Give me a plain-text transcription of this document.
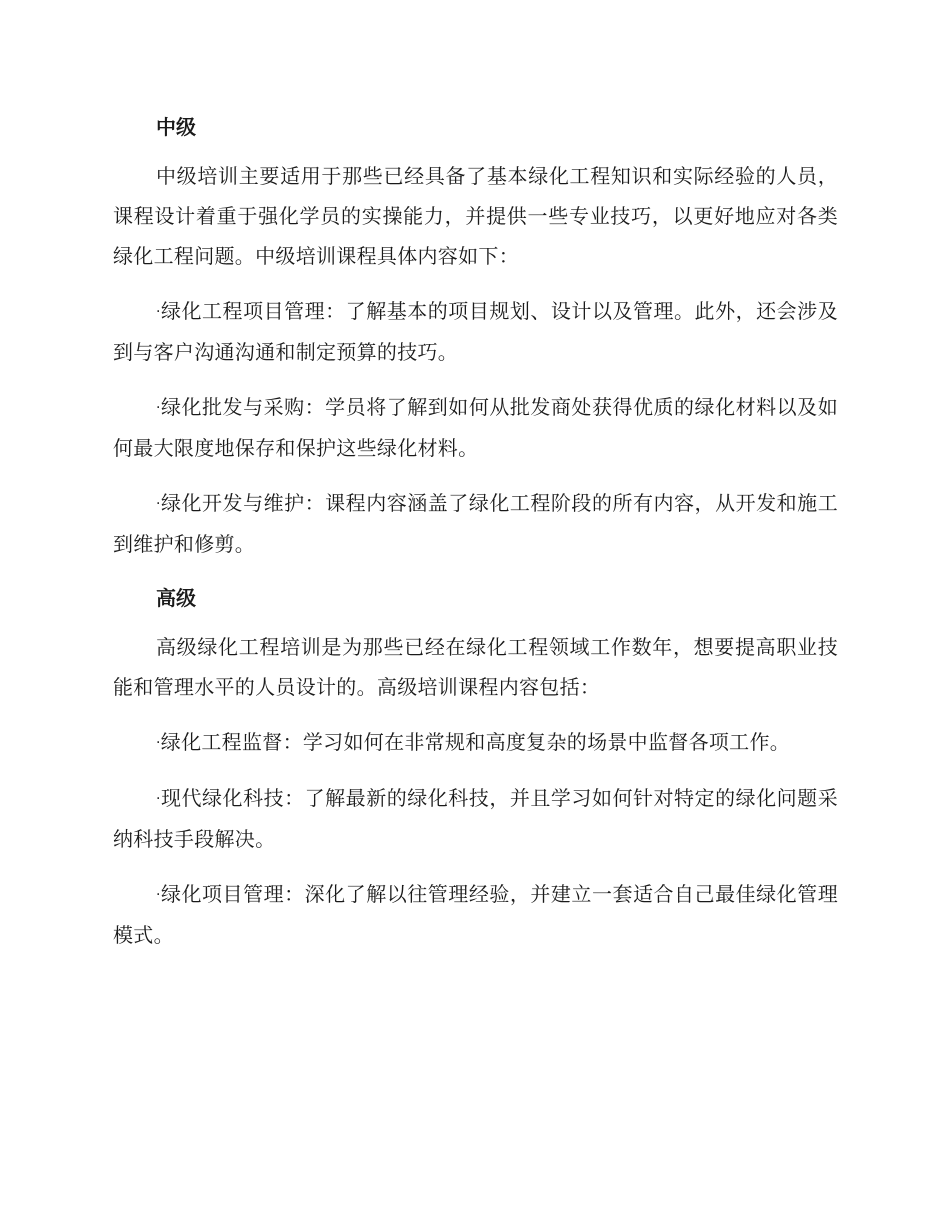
中级

中级培训主要适用于那些已经具备了基本绿化工程知识和实际经验的人员，课程设计着重于强化学员的实操能力，并提供一些专业技巧，以更好地应对各类绿化工程问题。中级培训课程具体内容如下：

·绿化工程项目管理：了解基本的项目规划、设计以及管理。此外，还会涉及到与客户沟通沟通和制定预算的技巧。

·绿化批发与采购：学员将了解到如何从批发商处获得优质的绿化材料以及如何最大限度地保存和保护这些绿化材料。

·绿化开发与维护：课程内容涵盖了绿化工程阶段的所有内容，从开发和施工到维护和修剪。

高级

高级绿化工程培训是为那些已经在绿化工程领域工作数年，想要提高职业技能和管理水平的人员设计的。高级培训课程内容包括：

·绿化工程监督：学习如何在非常规和高度复杂的场景中监督各项工作。

·现代绿化科技：了解最新的绿化科技，并且学习如何针对特定的绿化问题采纳科技手段解决。

·绿化项目管理：深化了解以往管理经验，并建立一套适合自己最佳绿化管理模式。
